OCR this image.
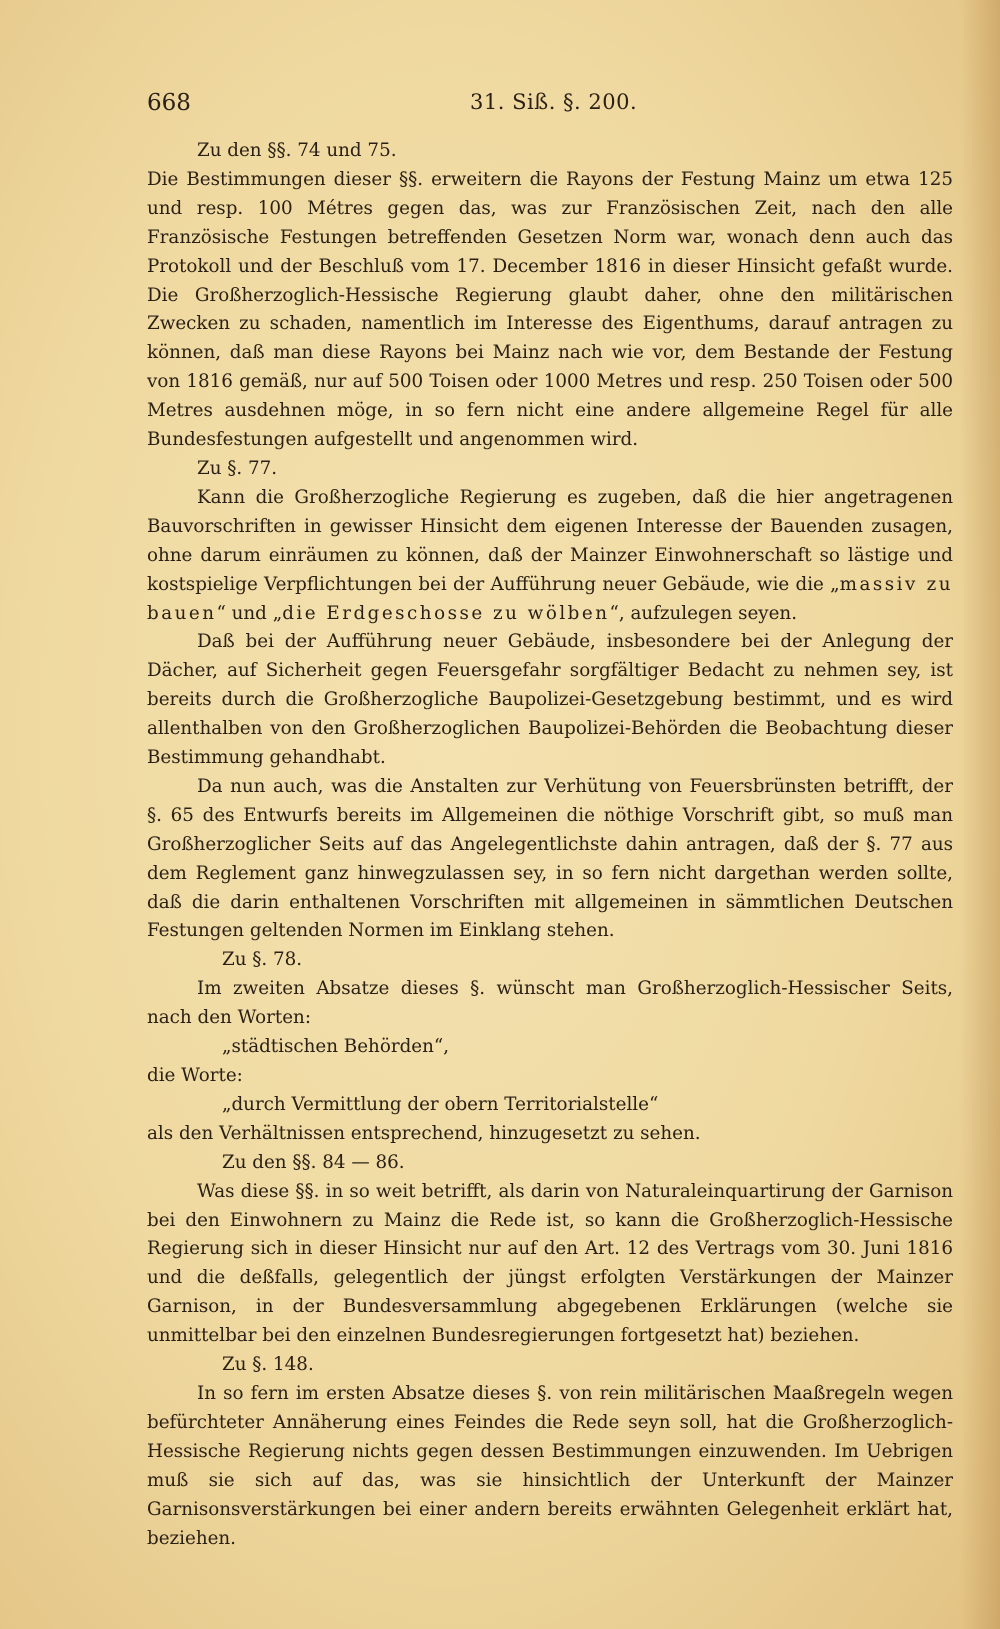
668	31. Siß. §. 200.

Zu den §§. 74 und 75.

Die Bestimmungen dieser §§. erweitern die Rayons der Festung Mainz um etwa 125 und resp. 100 Métres gegen das, was zur Französischen Zeit, nach den alle Französische Festungen betreffenden Gesetzen Norm war, wonach denn auch das Protokoll und der Beschluß vom 17. December 1816 in dieser Hinsicht gefaßt wurde. Die Großherzoglich-Hessische Regierung glaubt daher, ohne den militärischen Zwecken zu schaden, namentlich im Interesse des Eigenthums, darauf antragen zu können, daß man diese Rayons bei Mainz nach wie vor, dem Bestande der Festung von 1816 gemäß, nur auf 500 Toisen oder 1000 Metres und resp. 250 Toisen oder 500 Metres ausdehnen möge, in so fern nicht eine andere allgemeine Regel für alle Bundesfestungen aufgestellt und angenommen wird.

Zu §. 77.

Kann die Großherzogliche Regierung es zugeben, daß die hier angetragenen Bauvorschriften in gewisser Hinsicht dem eigenen Interesse der Bauenden zusagen, ohne darum einräumen zu können, daß der Mainzer Einwohnerschaft so lästige und kostspielige Verpflichtungen bei der Aufführung neuer Gebäude, wie die „massiv zu bauen“ und „die Erdgeschosse zu wölben“, aufzulegen seyen.

Daß bei der Aufführung neuer Gebäude, insbesondere bei der Anlegung der Dächer, auf Sicherheit gegen Feuersgefahr sorgfältiger Bedacht zu nehmen sey, ist bereits durch die Großherzogliche Baupolizei-Gesetzgebung bestimmt, und es wird allenthalben von den Großherzoglichen Baupolizei-Behörden die Beobachtung dieser Bestimmung gehandhabt.

Da nun auch, was die Anstalten zur Verhütung von Feuersbrünsten betrifft, der §. 65 des Entwurfs bereits im Allgemeinen die nöthige Vorschrift gibt, so muß man Großherzoglicher Seits auf das Angelegentlichste dahin antragen, daß der §. 77 aus dem Reglement ganz hinwegzulassen sey, in so fern nicht dargethan werden sollte, daß die darin enthaltenen Vorschriften mit allgemeinen in sämmtlichen Deutschen Festungen geltenden Normen im Einklang stehen.

Zu §. 78.

Im zweiten Absatze dieses §. wünscht man Großherzoglich-Hessischer Seits, nach den Worten:

„städtischen Behörden“,

die Worte:

„durch Vermittlung der obern Territorialstelle“

als den Verhältnissen entsprechend, hinzugesetzt zu sehen.

Zu den §§. 84 — 86.

Was diese §§. in so weit betrifft, als darin von Naturaleinquartirung der Garnison bei den Einwohnern zu Mainz die Rede ist, so kann die Großherzoglich-Hessische Regierung sich in dieser Hinsicht nur auf den Art. 12 des Vertrags vom 30. Juni 1816 und die deßfalls, gelegentlich der jüngst erfolgten Verstärkungen der Mainzer Garnison, in der Bundesversammlung abgegebenen Erklärungen (welche sie unmittelbar bei den einzelnen Bundesregierungen fortgesetzt hat) beziehen.

Zu §. 148.

In so fern im ersten Absatze dieses §. von rein militärischen Maaßregeln wegen befürchteter Annäherung eines Feindes die Rede seyn soll, hat die Großherzoglich-Hessische Regierung nichts gegen dessen Bestimmungen einzuwenden. Im Uebrigen muß sie sich auf das, was sie hinsichtlich der Unterkunft der Mainzer Garnisonsverstärkungen bei einer andern bereits erwähnten Gelegenheit erklärt hat, beziehen.
